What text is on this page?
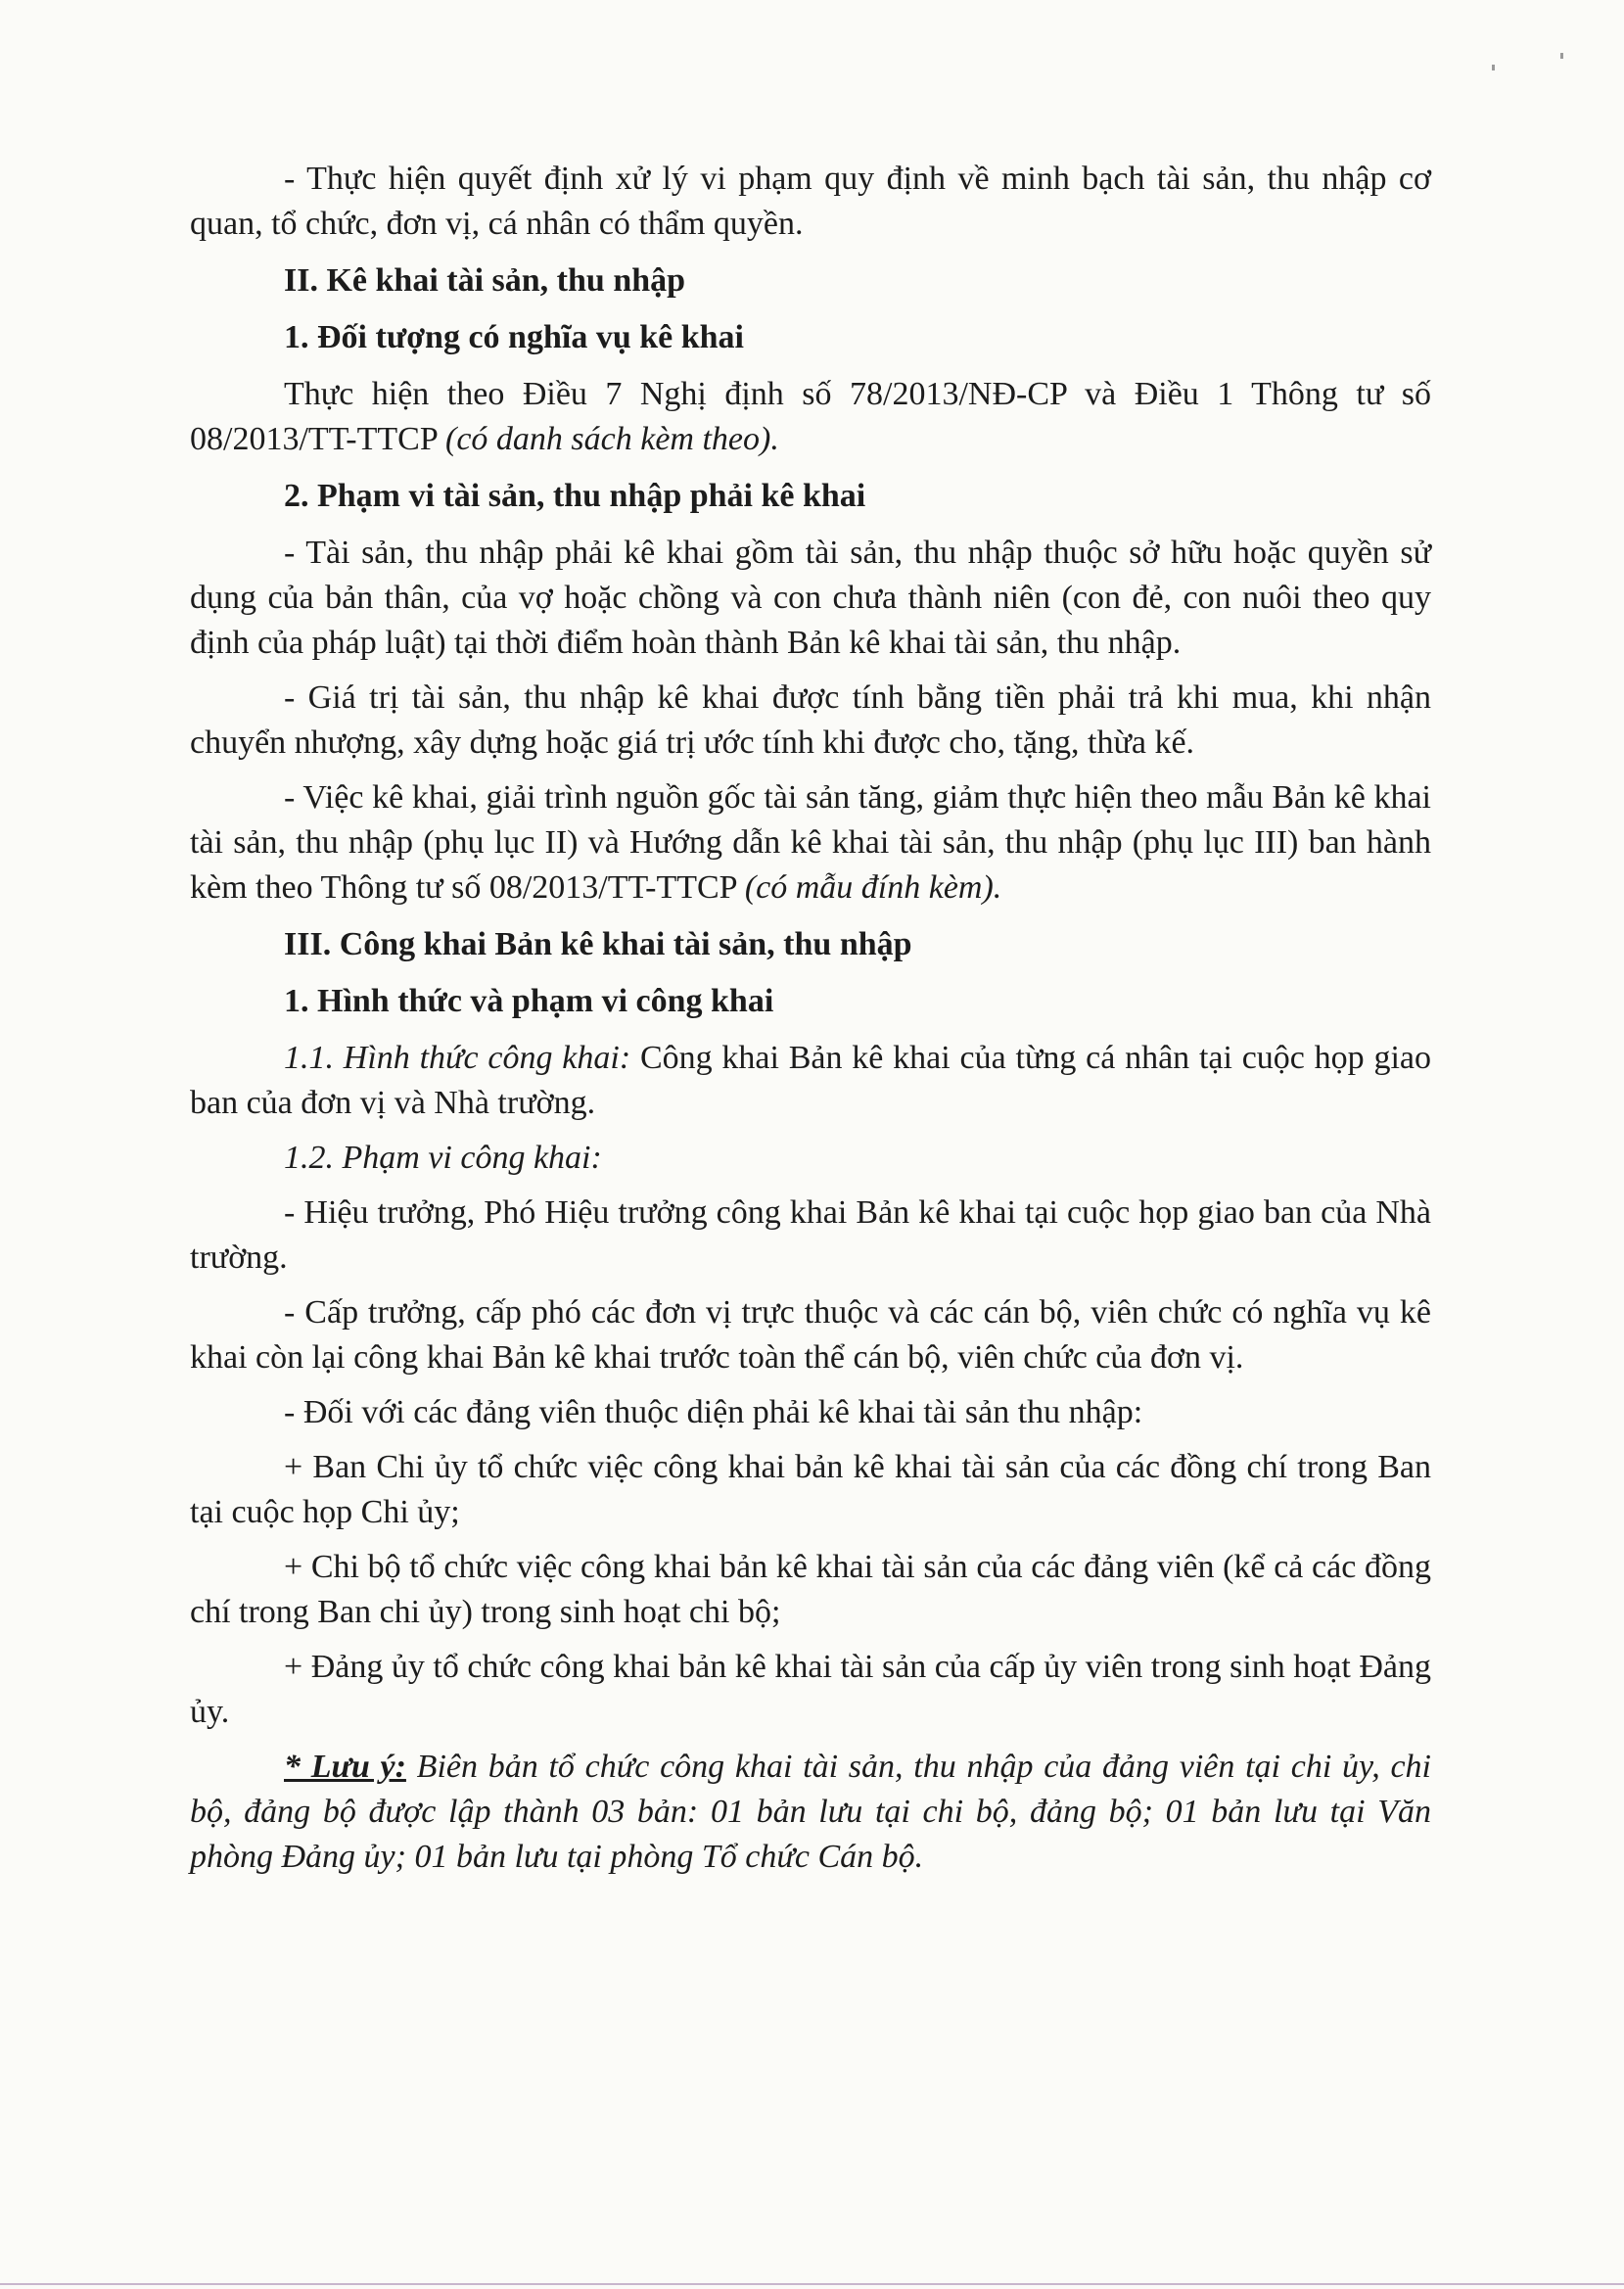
- Thực hiện quyết định xử lý vi phạm quy định về minh bạch tài sản, thu nhập cơ quan, tổ chức, đơn vị, cá nhân có thẩm quyền.

II. Kê khai tài sản, thu nhập

1. Đối tượng có nghĩa vụ kê khai

Thực hiện theo Điều 7 Nghị định số 78/2013/NĐ-CP và Điều 1 Thông tư số 08/2013/TT-TTCP (có danh sách kèm theo).

2. Phạm vi tài sản, thu nhập phải kê khai

- Tài sản, thu nhập phải kê khai gồm tài sản, thu nhập thuộc sở hữu hoặc quyền sử dụng của bản thân, của vợ hoặc chồng và con chưa thành niên (con đẻ, con nuôi theo quy định của pháp luật) tại thời điểm hoàn thành Bản kê khai tài sản, thu nhập.

- Giá trị tài sản, thu nhập kê khai được tính bằng tiền phải trả khi mua, khi nhận chuyển nhượng, xây dựng hoặc giá trị ước tính khi được cho, tặng, thừa kế.

- Việc kê khai, giải trình nguồn gốc tài sản tăng, giảm thực hiện theo mẫu Bản kê khai tài sản, thu nhập (phụ lục II) và Hướng dẫn kê khai tài sản, thu nhập (phụ lục III) ban hành kèm theo Thông tư số 08/2013/TT-TTCP (có mẫu đính kèm).

III. Công khai Bản kê khai tài sản, thu nhập

1. Hình thức và phạm vi công khai

1.1. Hình thức công khai: Công khai Bản kê khai của từng cá nhân tại cuộc họp giao ban của đơn vị và Nhà trường.

1.2. Phạm vi công khai:

- Hiệu trưởng, Phó Hiệu trưởng công khai Bản kê khai tại cuộc họp giao ban của Nhà trường.

- Cấp trưởng, cấp phó các đơn vị trực thuộc và các cán bộ, viên chức có nghĩa vụ kê khai còn lại công khai Bản kê khai trước toàn thể cán bộ, viên chức của đơn vị.

- Đối với các đảng viên thuộc diện phải kê khai tài sản thu nhập:

+ Ban Chi ủy tổ chức việc công khai bản kê khai tài sản của các đồng chí trong Ban tại cuộc họp Chi ủy;

+ Chi bộ tổ chức việc công khai bản kê khai tài sản của các đảng viên (kể cả các đồng chí trong Ban chi ủy) trong sinh hoạt chi bộ;

+ Đảng ủy tổ chức công khai bản kê khai tài sản của cấp ủy viên trong sinh hoạt Đảng ủy.

* Lưu ý: Biên bản tổ chức công khai tài sản, thu nhập của đảng viên tại chi ủy, chi bộ, đảng bộ được lập thành 03 bản: 01 bản lưu tại chi bộ, đảng bộ; 01 bản lưu tại Văn phòng Đảng ủy; 01 bản lưu tại phòng Tổ chức Cán bộ.
